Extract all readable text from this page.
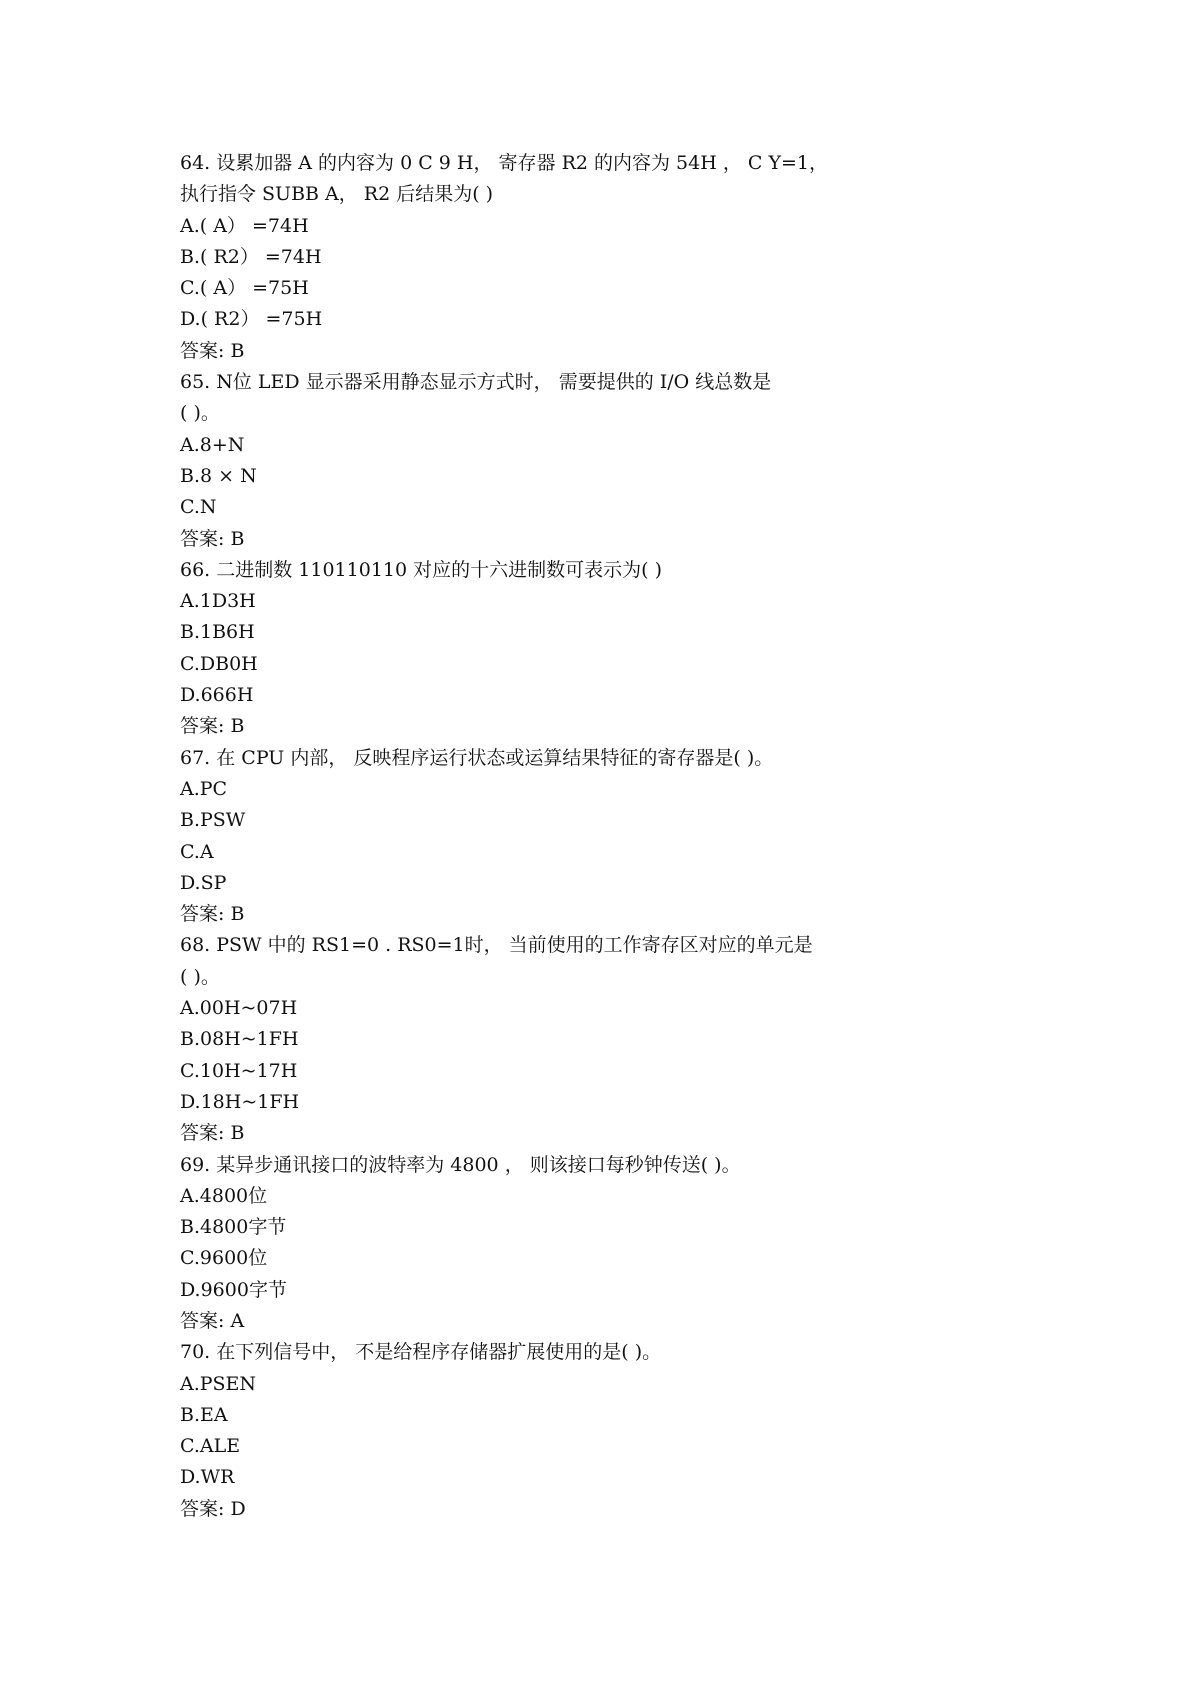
64. 设累加器 A 的内容为 0 C 9 H， 寄存器 R2 的内容为 54H ， C Y=1，
执行指令 SUBB A， R2 后结果为( )
A.( A） =74H
B.( R2） =74H
C.( A） =75H
D.( R2） =75H
答案: B
65. N位 LED 显示器采用静态显示方式时， 需要提供的 I/O 线总数是
( )。
A.8+N
B.8 × N
C.N
答案: B
66. 二进制数 110110110 对应的十六进制数可表示为( )
A.1D3H
B.1B6H
C.DB0H
D.666H
答案: B
67. 在 CPU 内部， 反映程序运行状态或运算结果特征的寄存器是( )。
A.PC
B.PSW
C.A
D.SP
答案: B
68. PSW 中的 RS1=0 . RS0=1时， 当前使用的工作寄存区对应的单元是
( )。
A.00H~07H
B.08H~1FH
C.10H~17H
D.18H~1FH
答案: B
69. 某异步通讯接口的波特率为 4800 ， 则该接口每秒钟传送( )。
A.4800位
B.4800字节
C.9600位
D.9600字节
答案: A
70. 在下列信号中， 不是给程序存储器扩展使用的是( )。
A.PSEN
B.EA
C.ALE
D.WR
答案: D
